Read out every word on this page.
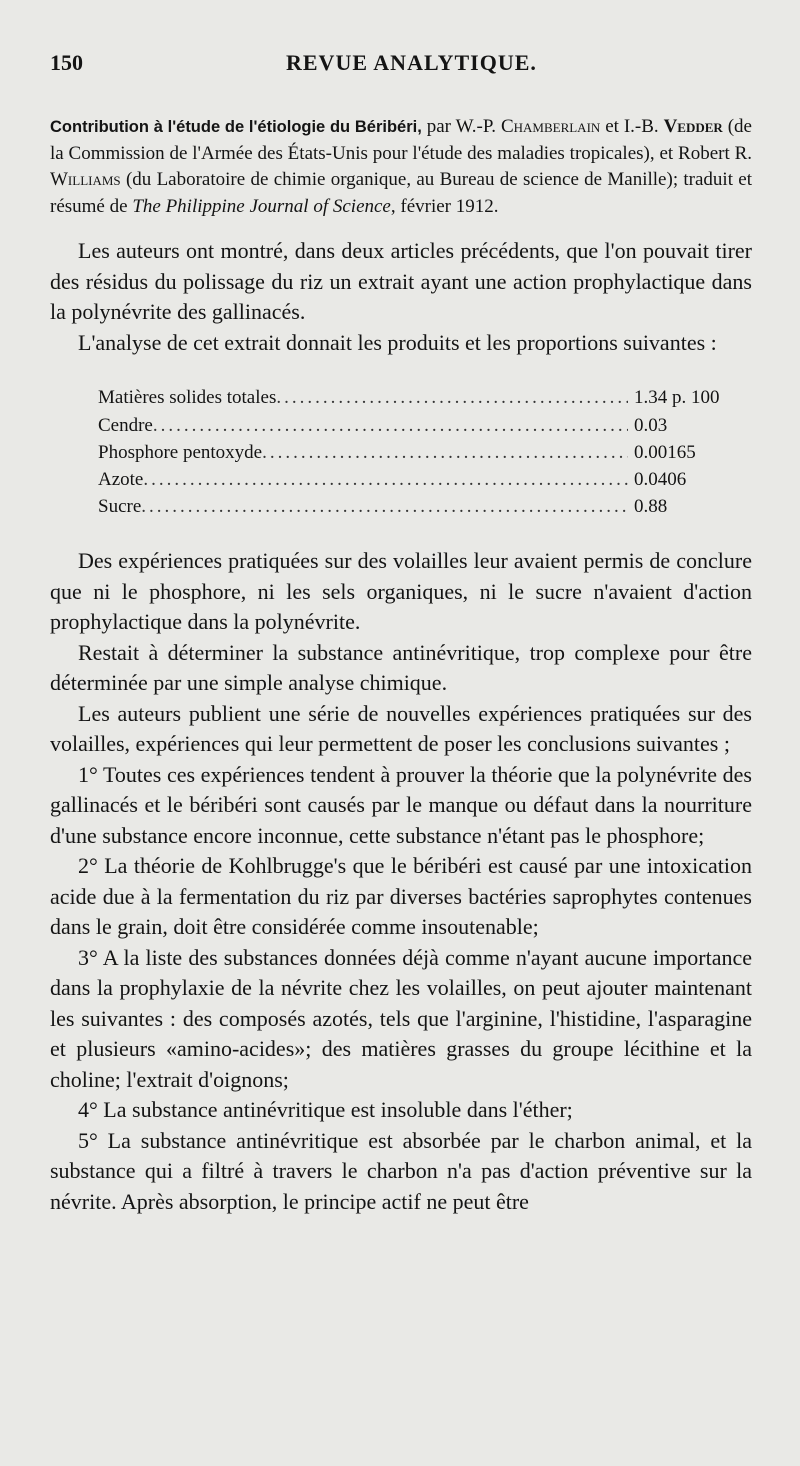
150	REVUE ANALYTIQUE.

Contribution à l'étude de l'étiologie du Béribéri, par W.-P. Chamberlain et I.-B. Vedder (de la Commission de l'Armée des États-Unis pour l'étude des maladies tropicales), et Robert R. Williams (du Laboratoire de chimie organique, au Bureau de science de Manille); traduit et résumé de The Philippine Journal of Science, février 1912.

Les auteurs ont montré, dans deux articles précédents, que l'on pouvait tirer des résidus du polissage du riz un extrait ayant une action prophylactique dans la polynévrite des gallinacés.

L'analyse de cet extrait donnait les produits et les proportions suivantes :

Matières solides totales .....	1.34 p. 100
Cendre .....	0.03
Phosphore pentoxyde .....	0.00165
Azote .....	0.0406
Sucre .....	0.88

Des expériences pratiquées sur des volailles leur avaient permis de conclure que ni le phosphore, ni les sels organiques, ni le sucre n'avaient d'action prophylactique dans la polynévrite.

Restait à déterminer la substance antinévritique, trop complexe pour être déterminée par une simple analyse chimique.

Les auteurs publient une série de nouvelles expériences pratiquées sur des volailles, expériences qui leur permettent de poser les conclusions suivantes ;

1° Toutes ces expériences tendent à prouver la théorie que la polynévrite des gallinacés et le béribéri sont causés par le manque ou défaut dans la nourriture d'une substance encore inconnue, cette substance n'étant pas le phosphore;

2° La théorie de Kohlbrugge's que le béribéri est causé par une intoxication acide due à la fermentation du riz par diverses bactéries saprophytes contenues dans le grain, doit être considérée comme insoutenable;

3° A la liste des substances données déjà comme n'ayant aucune importance dans la prophylaxie de la névrite chez les volailles, on peut ajouter maintenant les suivantes : des composés azotés, tels que l'arginine, l'histidine, l'asparagine et plusieurs «amino-acides»; des matières grasses du groupe lécithine et la choline; l'extrait d'oignons;

4° La substance antinévritique est insoluble dans l'éther;

5° La substance antinévritique est absorbée par le charbon animal, et la substance qui a filtré à travers le charbon n'a pas d'action préventive sur la névrite. Après absorption, le principe actif ne peut être
